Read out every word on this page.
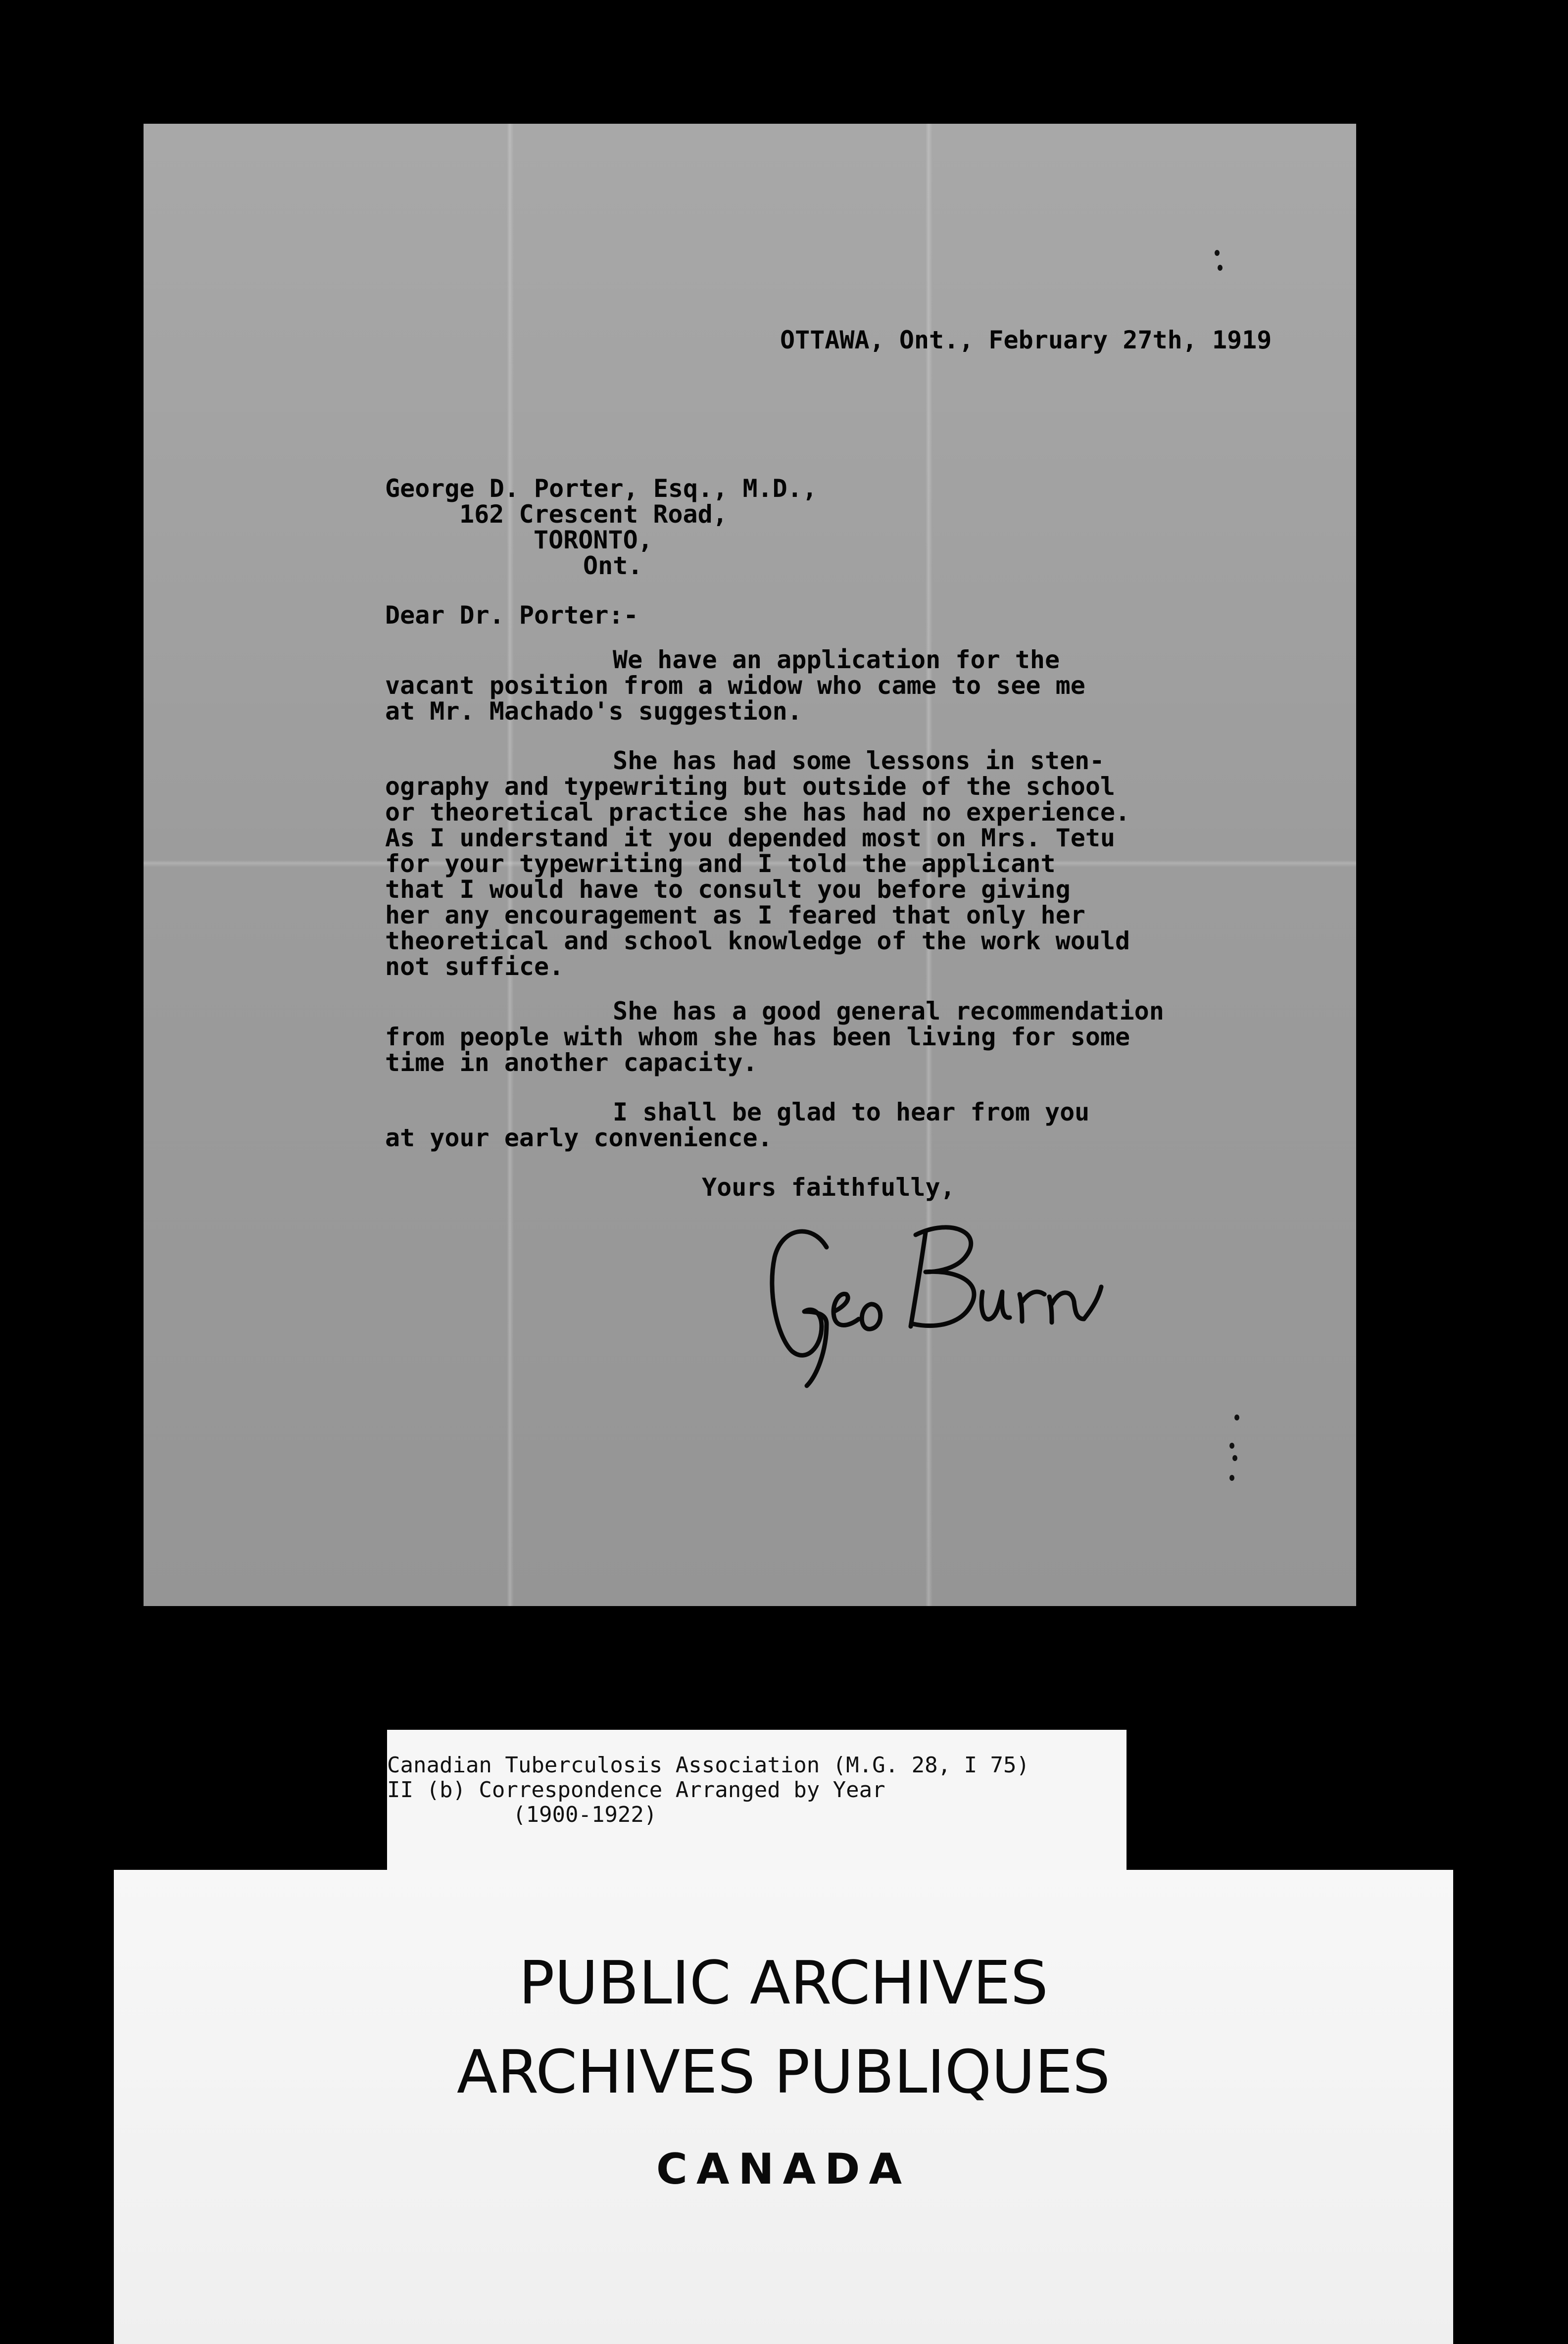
OTTAWA, Ont., February 27th, 1919
George D. Porter, Esq., M.D.,
162 Crescent Road,
TORONTO,
Ont.
Dear Dr. Porter:-
We have an application for the
vacant position from a widow who came to see me
at Mr. Machado's suggestion.
She has had some lessons in sten-
ography and typewriting but outside of the school
or theoretical practice she has had no experience.
As I understand it you depended most on Mrs. Tetu
for your typewriting and I told the applicant
that I would have to consult you before giving
her any encouragement as I feared that only her
theoretical and school knowledge of the work would
not suffice.
She has a good general recommendation
from people with whom she has been living for some
time in another capacity.
I shall be glad to hear from you
at your early convenience.
Yours faithfully,
Canadian Tuberculosis Association (M.G. 28, I 75)
II (b) Correspondence Arranged by Year
(1900-1922)
PUBLIC ARCHIVES
ARCHIVES PUBLIQUES
CANADA
